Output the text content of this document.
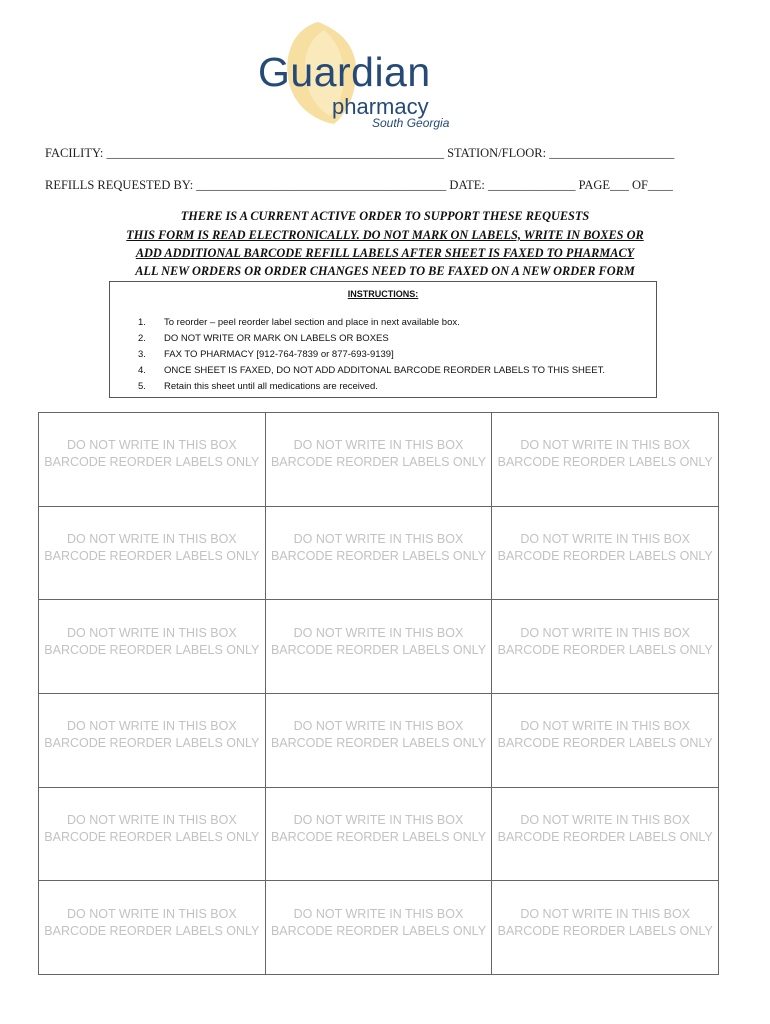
Guardian
pharmacy
South Georgia
FACILITY: ______________________________________________________ STATION/FLOOR: ____________________
REFILLS REQUESTED BY: ________________________________________ DATE: ______________ PAGE___ OF____
THERE IS A CURRENT ACTIVE ORDER TO SUPPORT THESE REQUESTS
THIS FORM IS READ ELECTRONICALLY. DO NOT MARK ON LABELS, WRITE IN BOXES OR
ADD ADDITIONAL BARCODE REFILL LABELS AFTER SHEET IS FAXED TO PHARMACY
ALL NEW ORDERS OR ORDER CHANGES NEED TO BE FAXED ON A NEW ORDER FORM
INSTRUCTIONS:
1. To reorder – peel reorder label section and place in next available box.
2. DO NOT WRITE OR MARK ON LABELS OR BOXES
3. FAX TO PHARMACY [912-764-7839 or 877-693-9139]
4. ONCE SHEET IS FAXED, DO NOT ADD ADDITONAL BARCODE REORDER LABELS TO THIS SHEET.
5. Retain this sheet until all medications are received.
DO NOT WRITE IN THIS BOX
BARCODE REORDER LABELS ONLY
DO NOT WRITE IN THIS BOX
BARCODE REORDER LABELS ONLY
DO NOT WRITE IN THIS BOX
BARCODE REORDER LABELS ONLY
DO NOT WRITE IN THIS BOX
BARCODE REORDER LABELS ONLY
DO NOT WRITE IN THIS BOX
BARCODE REORDER LABELS ONLY
DO NOT WRITE IN THIS BOX
BARCODE REORDER LABELS ONLY
DO NOT WRITE IN THIS BOX
BARCODE REORDER LABELS ONLY
DO NOT WRITE IN THIS BOX
BARCODE REORDER LABELS ONLY
DO NOT WRITE IN THIS BOX
BARCODE REORDER LABELS ONLY
DO NOT WRITE IN THIS BOX
BARCODE REORDER LABELS ONLY
DO NOT WRITE IN THIS BOX
BARCODE REORDER LABELS ONLY
DO NOT WRITE IN THIS BOX
BARCODE REORDER LABELS ONLY
DO NOT WRITE IN THIS BOX
BARCODE REORDER LABELS ONLY
DO NOT WRITE IN THIS BOX
BARCODE REORDER LABELS ONLY
DO NOT WRITE IN THIS BOX
BARCODE REORDER LABELS ONLY
DO NOT WRITE IN THIS BOX
BARCODE REORDER LABELS ONLY
DO NOT WRITE IN THIS BOX
BARCODE REORDER LABELS ONLY
DO NOT WRITE IN THIS BOX
BARCODE REORDER LABELS ONLY
